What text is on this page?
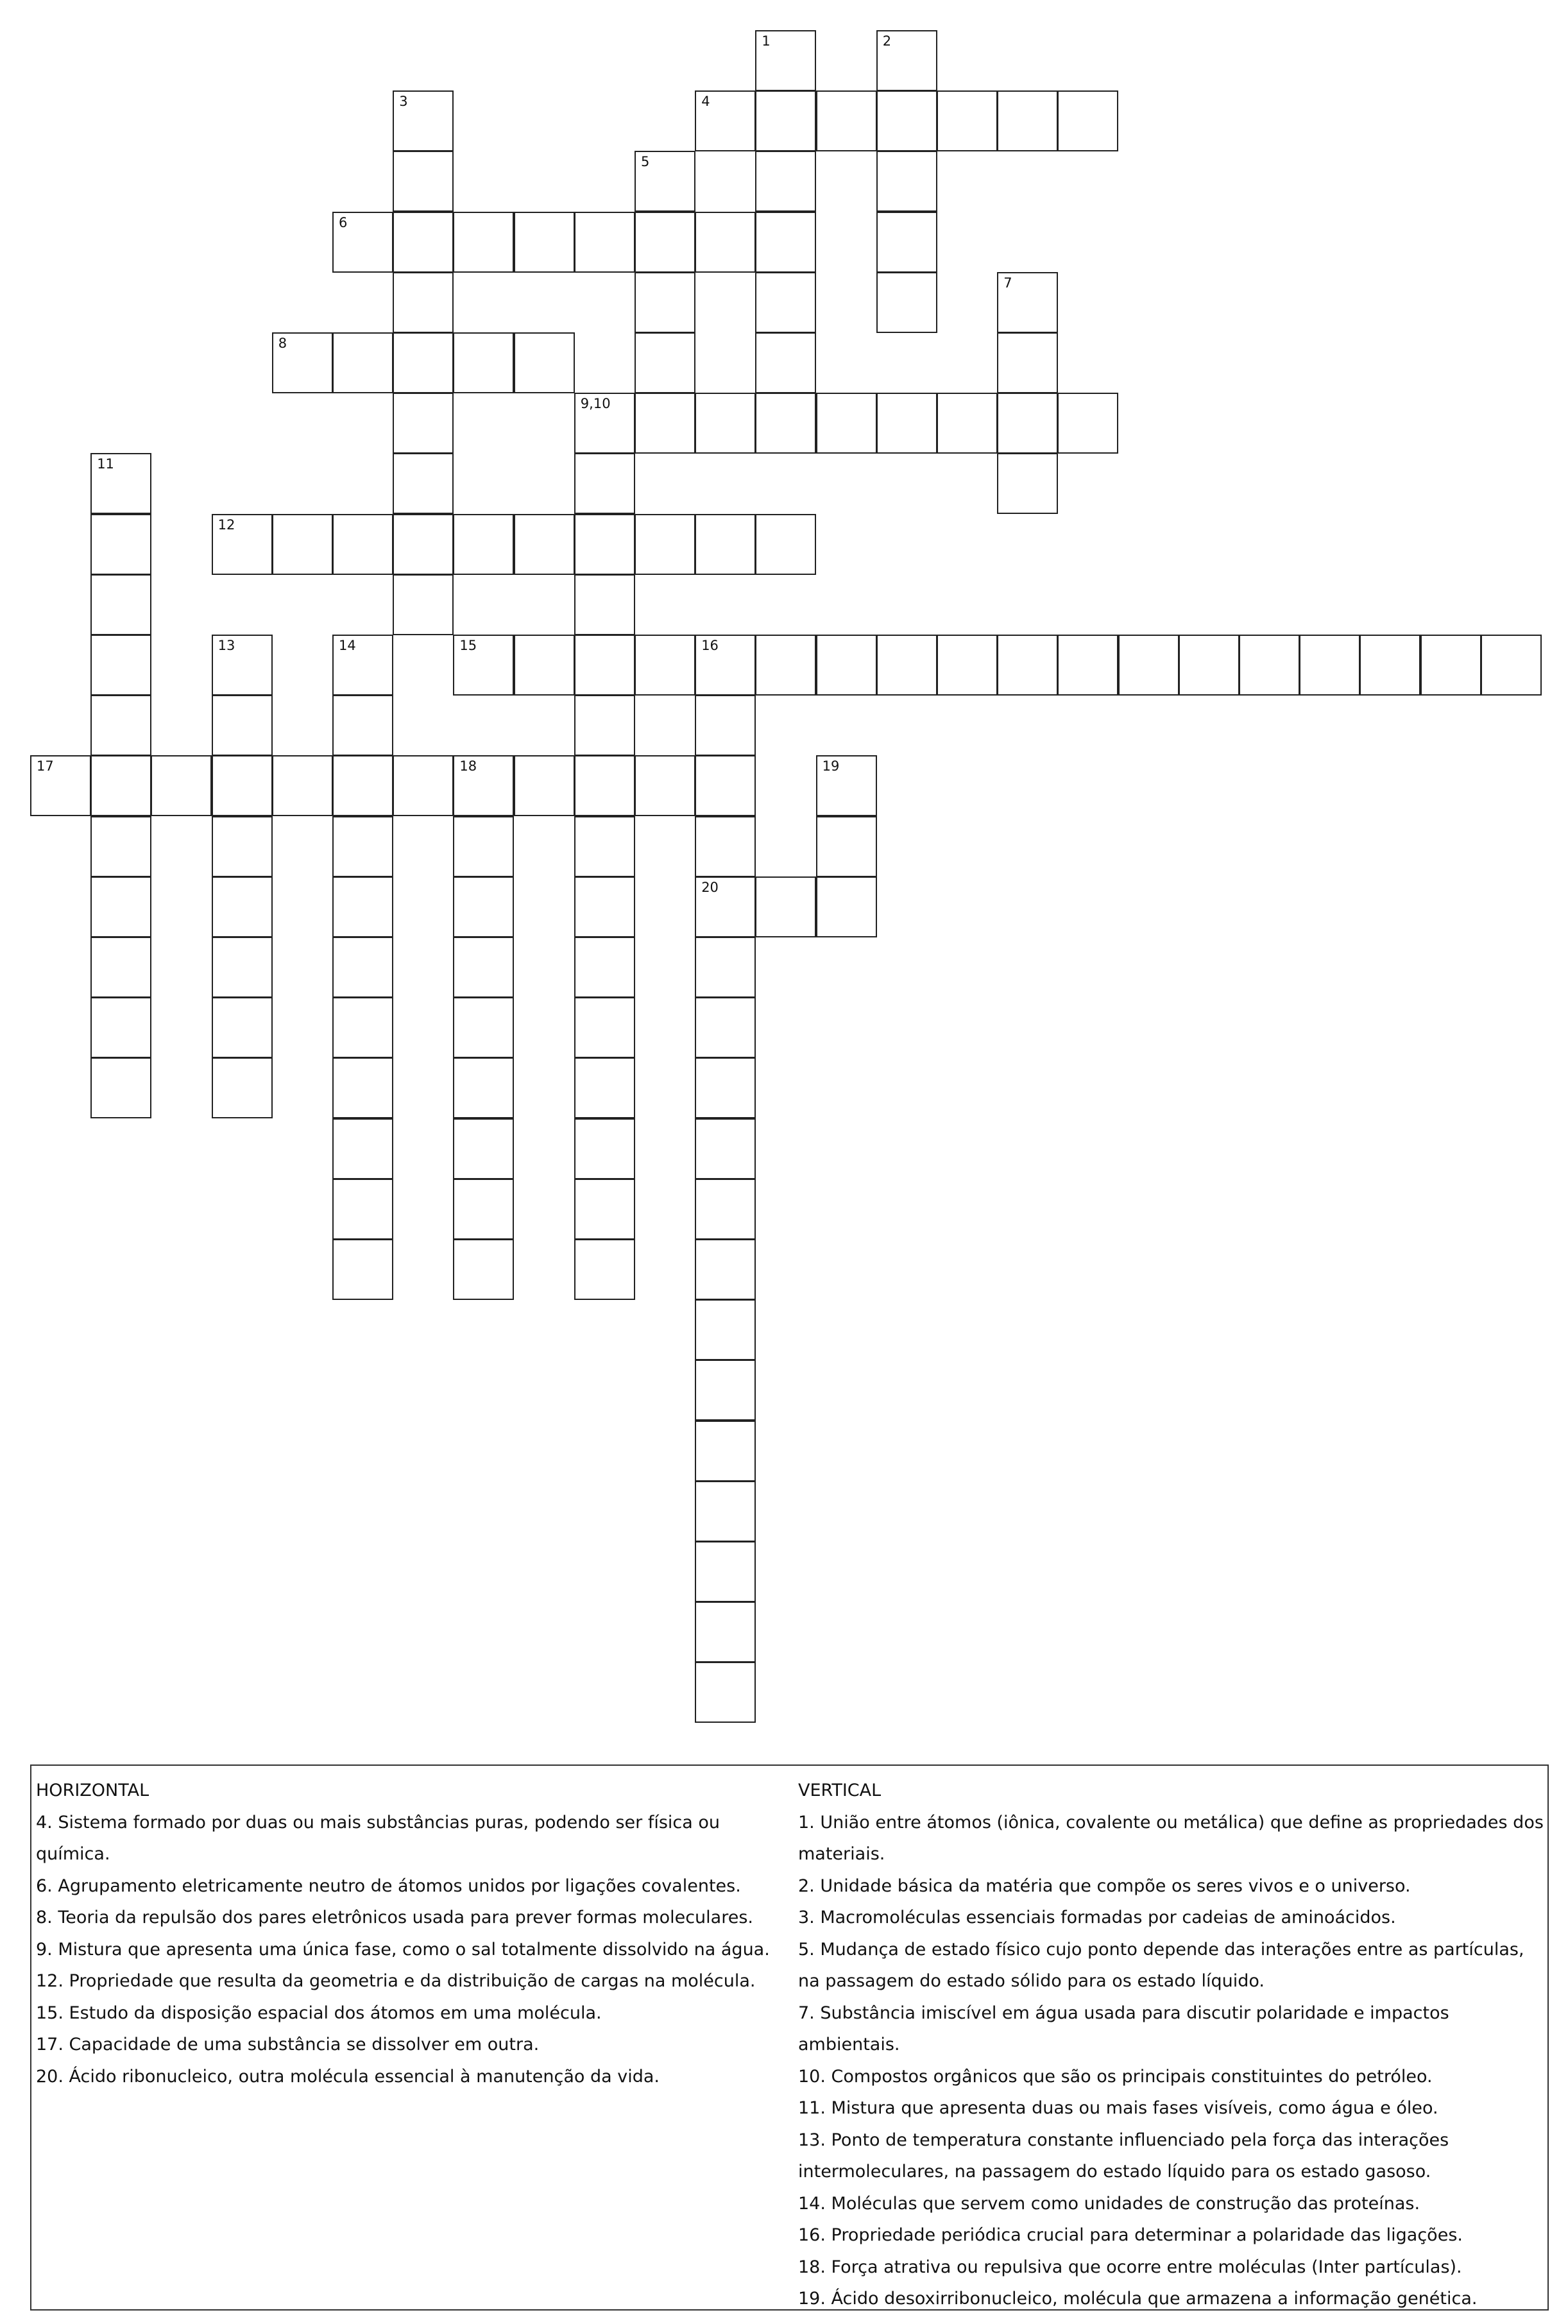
1	2
3	4
5
6
7
8
9,10
11
12
13	14	15	16
20
17	18	19
HORIZONTAL

4. Sistema formado por duas ou mais substâncias puras, podendo ser física ou química.

6. Agrupamento eletricamente neutro de átomos unidos por ligações covalentes.

8. Teoria da repulsão dos pares eletrônicos usada para prever formas moleculares.

9. Mistura que apresenta uma única fase, como o sal totalmente dissolvido na água.

12. Propriedade que resulta da geometria e da distribuição de cargas na molécula.

15. Estudo da disposição espacial dos átomos em uma molécula.

17. Capacidade de uma substância se dissolver em outra.

20. Ácido ribonucleico, outra molécula essencial à manutenção da vida.

VERTICAL

1. União entre átomos (iônica, covalente ou metálica) que define as propriedades dos materiais.

2. Unidade básica da matéria que compõe os seres vivos e o universo.

3. Macromoléculas essenciais formadas por cadeias de aminoácidos.

5. Mudança de estado físico cujo ponto depende das interações entre as partículas, na passagem do estado sólido para os estado líquido.

7. Substância imiscível em água usada para discutir polaridade e impactos ambientais.

10. Compostos orgânicos que são os principais constituintes do petróleo.

11. Mistura que apresenta duas ou mais fases visíveis, como água e óleo.

13. Ponto de temperatura constante influenciado pela força das interações intermoleculares, na passagem do estado líquido para os estado gasoso.

14. Moléculas que servem como unidades de construção das proteínas.

16. Propriedade periódica crucial para determinar a polaridade das ligações.

18. Força atrativa ou repulsiva que ocorre entre moléculas (Inter partículas).

19. Ácido desoxirribonucleico, molécula que armazena a informação genética.
